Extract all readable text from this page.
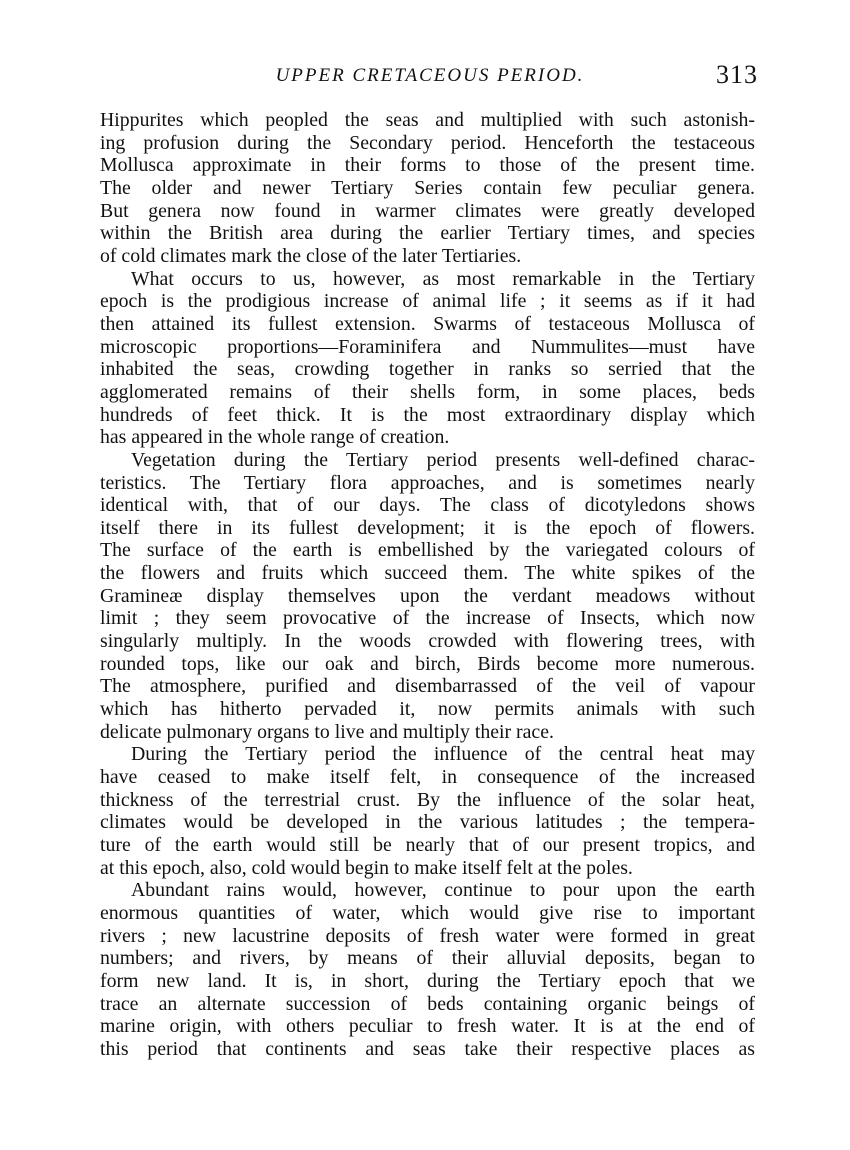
UPPER CRETACEOUS PERIOD.	313
Hippurites which peopled the seas and multiplied with such astonish-
ing profusion during the Secondary period. Henceforth the testaceous
Mollusca approximate in their forms to those of the present time.
The older and newer Tertiary Series contain few peculiar genera.
But genera now found in warmer climates were greatly developed
within the British area during the earlier Tertiary times, and species
of cold climates mark the close of the later Tertiaries.
What occurs to us, however, as most remarkable in the Tertiary
epoch is the prodigious increase of animal life ; it seems as if it had
then attained its fullest extension. Swarms of testaceous Mollusca of
microscopic proportions—Foraminifera and Nummulites—must have
inhabited the seas, crowding together in ranks so serried that the
agglomerated remains of their shells form, in some places, beds
hundreds of feet thick. It is the most extraordinary display which
has appeared in the whole range of creation.
Vegetation during the Tertiary period presents well-defined charac-
teristics. The Tertiary flora approaches, and is sometimes nearly
identical with, that of our days. The class of dicotyledons shows
itself there in its fullest development; it is the epoch of flowers.
The surface of the earth is embellished by the variegated colours of
the flowers and fruits which succeed them. The white spikes of the
Gramineæ display themselves upon the verdant meadows without
limit ; they seem provocative of the increase of Insects, which now
singularly multiply. In the woods crowded with flowering trees, with
rounded tops, like our oak and birch, Birds become more numerous.
The atmosphere, purified and disembarrassed of the veil of vapour
which has hitherto pervaded it, now permits animals with such
delicate pulmonary organs to live and multiply their race.
During the Tertiary period the influence of the central heat may
have ceased to make itself felt, in consequence of the increased
thickness of the terrestrial crust. By the influence of the solar heat,
climates would be developed in the various latitudes ; the tempera-
ture of the earth would still be nearly that of our present tropics, and
at this epoch, also, cold would begin to make itself felt at the poles.
Abundant rains would, however, continue to pour upon the earth
enormous quantities of water, which would give rise to important
rivers ; new lacustrine deposits of fresh water were formed in great
numbers; and rivers, by means of their alluvial deposits, began to
form new land. It is, in short, during the Tertiary epoch that we
trace an alternate succession of beds containing organic beings of
marine origin, with others peculiar to fresh water. It is at the end of
this period that continents and seas take their respective places as
